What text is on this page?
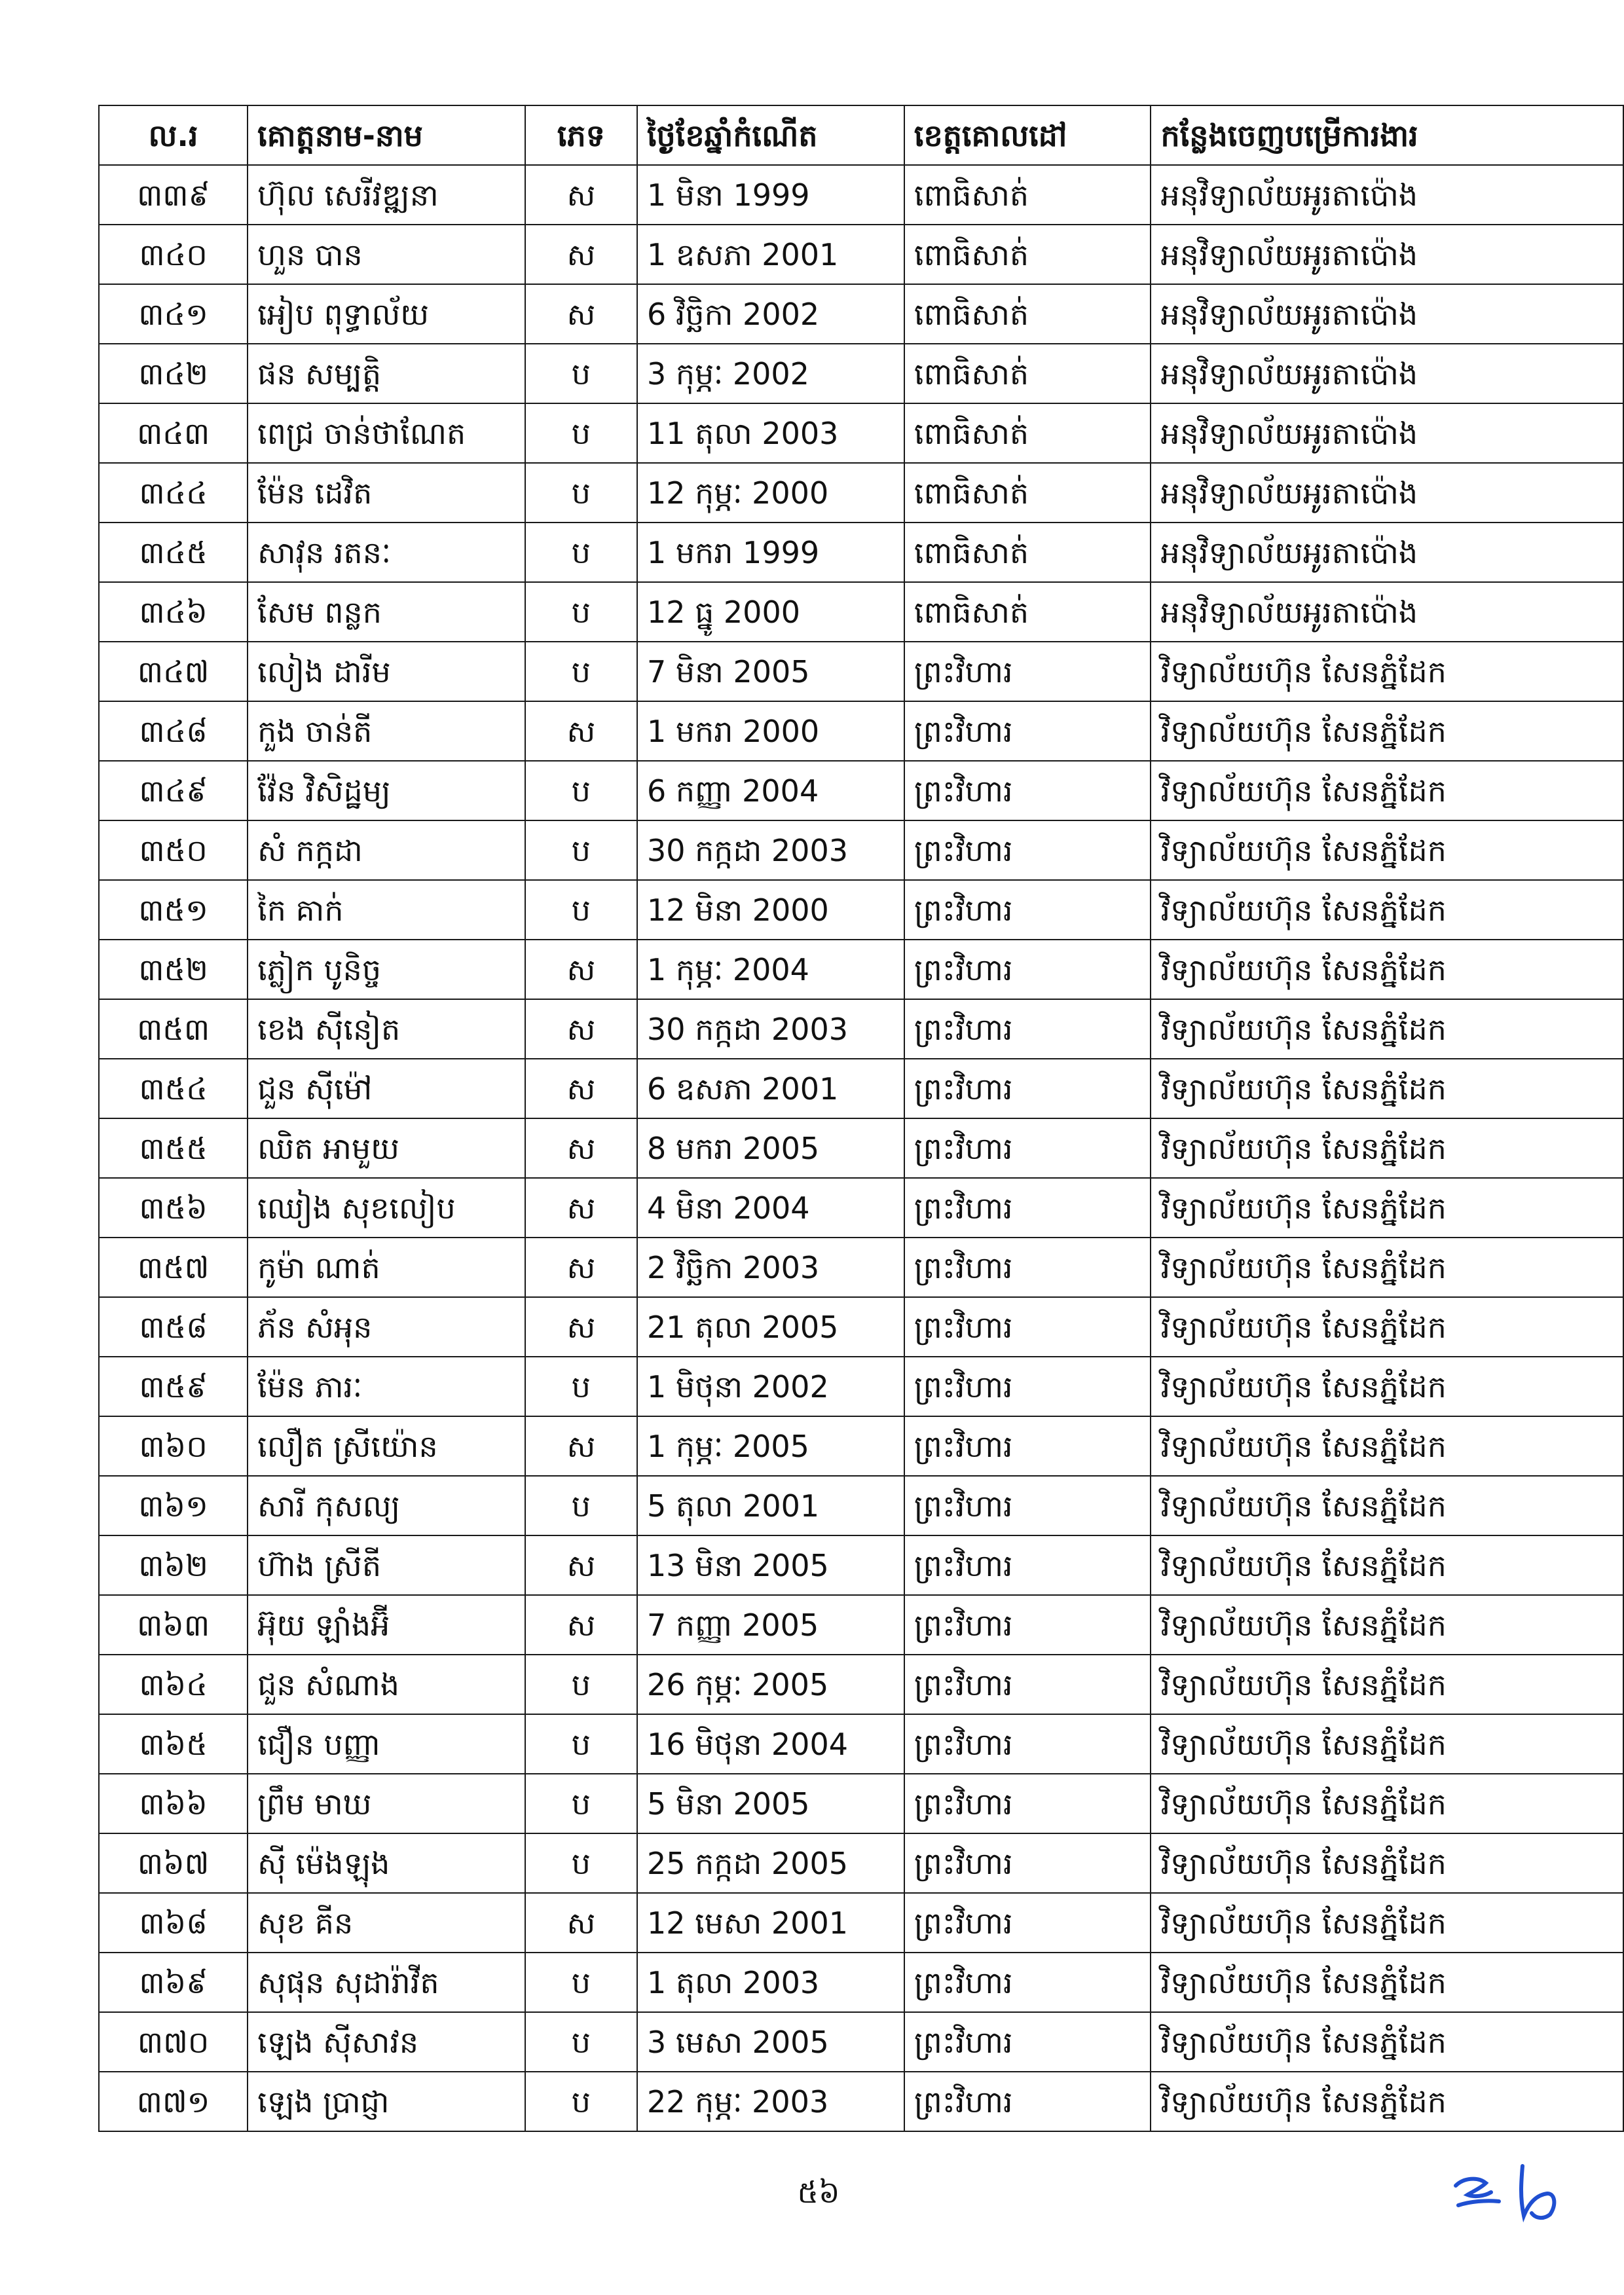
ល.រ	គោត្តនាម-នាម	ភេទ	ថ្ងៃខែឆ្នាំកំណើត	ខេត្តគោលដៅ	កន្លែងចេញបម្រើការងារ
៣៣៩	ហ៊ុល សេរីវឌ្ឍនា	ស	1 មិនា 1999	ពោធិសាត់	អនុវិទ្យាល័យអូរតាប៉ោង
៣៤០	ហួន បាន	ស	1 ឧសភា 2001	ពោធិសាត់	អនុវិទ្យាល័យអូរតាប៉ោង
៣៤១	អៀប ពុទ្ធាល័យ	ស	6 វិច្ឆិកា 2002	ពោធិសាត់	អនុវិទ្យាល័យអូរតាប៉ោង
៣៤២	ផន សម្បត្តិ	ប	3 កុម្ភៈ 2002	ពោធិសាត់	អនុវិទ្យាល័យអូរតាប៉ោង
៣៤៣	ពេជ្រ ចាន់ថាណែត	ប	11 តុលា 2003	ពោធិសាត់	អនុវិទ្យាល័យអូរតាប៉ោង
៣៤៤	ម៉ែន ដេវិត	ប	12 កុម្ភៈ 2000	ពោធិសាត់	អនុវិទ្យាល័យអូរតាប៉ោង
៣៤៥	សាវុន រតនៈ	ប	1 មករា 1999	ពោធិសាត់	អនុវិទ្យាល័យអូរតាប៉ោង
៣៤៦	សែម ពន្លក	ប	12 ធ្នូ 2000	ពោធិសាត់	អនុវិទ្យាល័យអូរតាប៉ោង
៣៤៧	លៀង ដារីម	ប	7 មិនា 2005	ព្រះវិហារ	វិទ្យាល័យហ៊ុន សែនភ្នំដែក
៣៤៨	កួង ចាន់តី	ស	1 មករា 2000	ព្រះវិហារ	វិទ្យាល័យហ៊ុន សែនភ្នំដែក
៣៤៩	វ៉ែន វិសិដ្ឋម្យ	ប	6 កញ្ញា 2004	ព្រះវិហារ	វិទ្យាល័យហ៊ុន សែនភ្នំដែក
៣៥០	សំ កក្កដា	ប	30 កក្កដា 2003	ព្រះវិហារ	វិទ្យាល័យហ៊ុន សែនភ្នំដែក
៣៥១	កៃ គាក់	ប	12 មិនា 2000	ព្រះវិហារ	វិទ្យាល័យហ៊ុន សែនភ្នំដែក
៣៥២	ភ្លៀក បូនិច្ច	ស	1 កុម្ភៈ 2004	ព្រះវិហារ	វិទ្យាល័យហ៊ុន សែនភ្នំដែក
៣៥៣	ខេង ស៊ីនៀត	ស	30 កក្កដា 2003	ព្រះវិហារ	វិទ្យាល័យហ៊ុន សែនភ្នំដែក
៣៥៤	ជួន ស៊ីម៉ៅ	ស	6 ឧសភា 2001	ព្រះវិហារ	វិទ្យាល័យហ៊ុន សែនភ្នំដែក
៣៥៥	ឈិត អាមួយ	ស	8 មករា 2005	ព្រះវិហារ	វិទ្យាល័យហ៊ុន សែនភ្នំដែក
៣៥៦	ឈៀង សុខលៀប	ស	4 មិនា 2004	ព្រះវិហារ	វិទ្យាល័យហ៊ុន សែនភ្នំដែក
៣៥៧	កូម៉ា ណាត់	ស	2 វិច្ឆិកា 2003	ព្រះវិហារ	វិទ្យាល័យហ៊ុន សែនភ្នំដែក
៣៥៨	ភ័ន សំអុន	ស	21 តុលា 2005	ព្រះវិហារ	វិទ្យាល័យហ៊ុន សែនភ្នំដែក
៣៥៩	ម៉ែន ភារៈ	ប	1 មិថុនា 2002	ព្រះវិហារ	វិទ្យាល័យហ៊ុន សែនភ្នំដែក
៣៦០	លឿត ស្រីយ៉ោន	ស	1 កុម្ភៈ 2005	ព្រះវិហារ	វិទ្យាល័យហ៊ុន សែនភ្នំដែក
៣៦១	សារី កុសល្យ	ប	5 តុលា 2001	ព្រះវិហារ	វិទ្យាល័យហ៊ុន សែនភ្នំដែក
៣៦២	ហ៊ាង ស្រីតី	ស	13 មិនា 2005	ព្រះវិហារ	វិទ្យាល័យហ៊ុន សែនភ្នំដែក
៣៦៣	អ៊ុយ ឡាំងអ៊ី	ស	7 កញ្ញា 2005	ព្រះវិហារ	វិទ្យាល័យហ៊ុន សែនភ្នំដែក
៣៦៤	ជួន សំណាង	ប	26 កុម្ភៈ 2005	ព្រះវិហារ	វិទ្យាល័យហ៊ុន សែនភ្នំដែក
៣៦៥	ជឿន បញ្ញា	ប	16 មិថុនា 2004	ព្រះវិហារ	វិទ្យាល័យហ៊ុន សែនភ្នំដែក
៣៦៦	ព្រឹម មាឃ	ប	5 មិនា 2005	ព្រះវិហារ	វិទ្យាល័យហ៊ុន សែនភ្នំដែក
៣៦៧	ស៊ី ម៉េងឡុង	ប	25 កក្កដា 2005	ព្រះវិហារ	វិទ្យាល័យហ៊ុន សែនភ្នំដែក
៣៦៨	សុខ គីន	ស	12 មេសា 2001	ព្រះវិហារ	វិទ្យាល័យហ៊ុន សែនភ្នំដែក
៣៦៩	សុផុន សុដារ៉ាវីត	ប	1 តុលា 2003	ព្រះវិហារ	វិទ្យាល័យហ៊ុន សែនភ្នំដែក
៣៧០	ឡេង ស៊ីសាវន	ប	3 មេសា 2005	ព្រះវិហារ	វិទ្យាល័យហ៊ុន សែនភ្នំដែក
៣៧១	ឡេង ប្រាជ្ញា	ប	22 កុម្ភៈ 2003	ព្រះវិហារ	វិទ្យាល័យហ៊ុន សែនភ្នំដែក
៥៦
